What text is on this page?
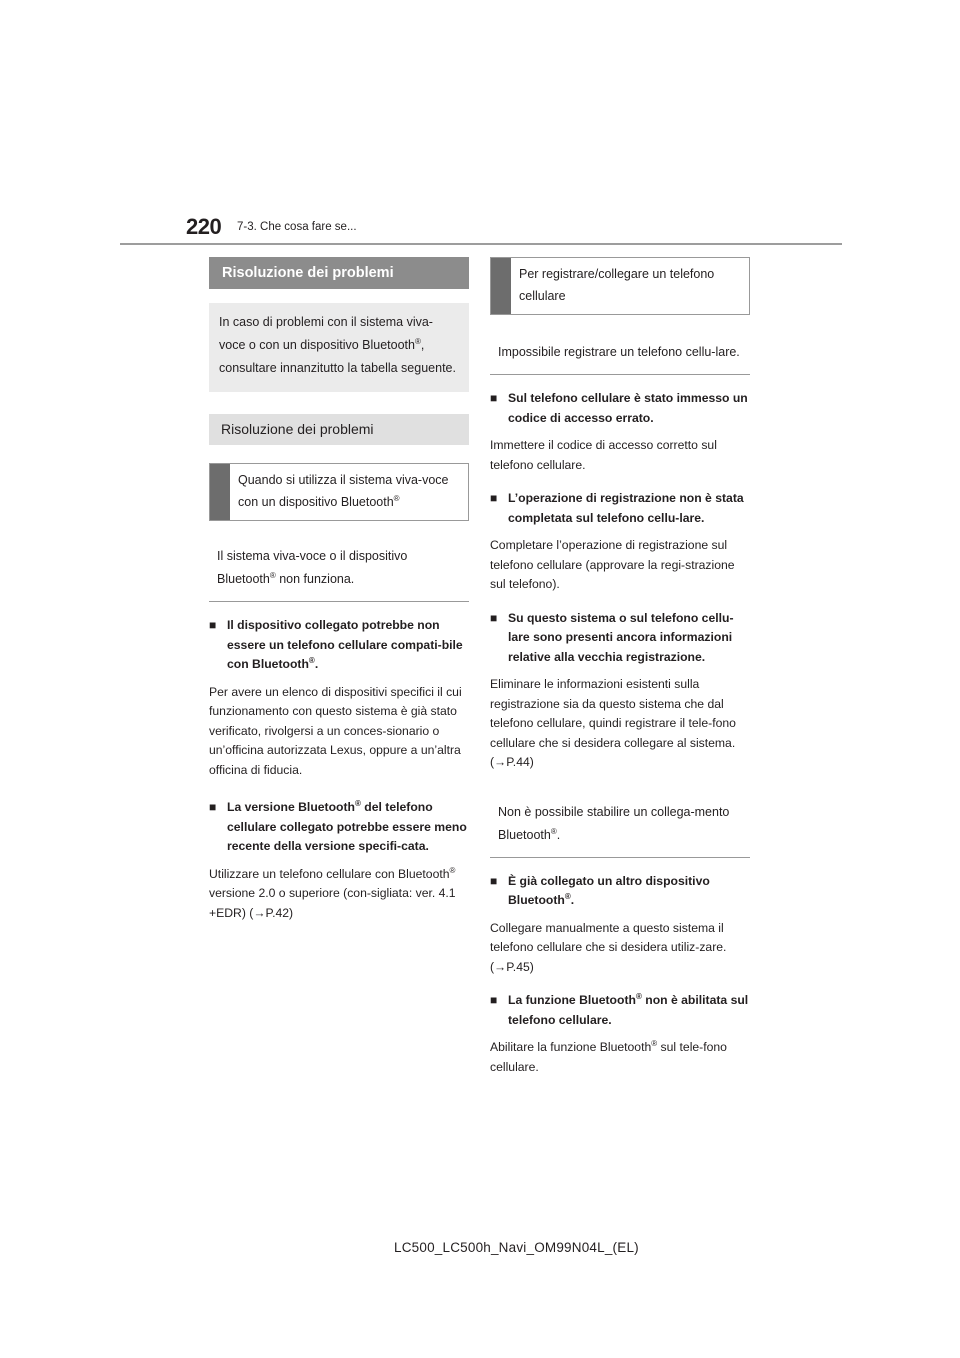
220 7-3. Che cosa fare se...
Risoluzione dei problemi
In caso di problemi con il sistema viva-voce o con un dispositivo Bluetooth®, consultare innanzitutto la tabella seguente.
Risoluzione dei problemi
Quando si utilizza il sistema viva-voce con un dispositivo Bluetooth®
Il sistema viva-voce o il dispositivo Bluetooth® non funziona.
■ Il dispositivo collegato potrebbe non essere un telefono cellulare compati-bile con Bluetooth®.
Per avere un elenco di dispositivi specifici il cui funzionamento con questo sistema è già stato verificato, rivolgersi a un conces-sionario o un’officina autorizzata Lexus, oppure a un’altra officina di fiducia.
■ La versione Bluetooth® del telefono cellulare collegato potrebbe essere meno recente della versione specifi-cata.
Utilizzare un telefono cellulare con Bluetooth® versione 2.0 o superiore (con-sigliata: ver. 4.1 +EDR) (→P.42)
Per registrare/collegare un telefono cellulare
Impossibile registrare un telefono cellu-lare.
■ Sul telefono cellulare è stato immesso un codice di accesso errato.
Immettere il codice di accesso corretto sul telefono cellulare.
■ L’operazione di registrazione non è stata completata sul telefono cellu-lare.
Completare l’operazione di registrazione sul telefono cellulare (approvare la regi-strazione sul telefono).
■ Su questo sistema o sul telefono cellu-lare sono presenti ancora informazioni relative alla vecchia registrazione.
Eliminare le informazioni esistenti sulla registrazione sia da questo sistema che dal telefono cellulare, quindi registrare il tele-fono cellulare che si desidera collegare al sistema. (→P.44)
Non è possibile stabilire un collega-mento Bluetooth®.
■ È già collegato un altro dispositivo Bluetooth®.
Collegare manualmente a questo sistema il telefono cellulare che si desidera utiliz-zare. (→P.45)
■ La funzione Bluetooth® non è abilitata sul telefono cellulare.
Abilitare la funzione Bluetooth® sul tele-fono cellulare.
LC500_LC500h_Navi_OM99N04L_(EL)
